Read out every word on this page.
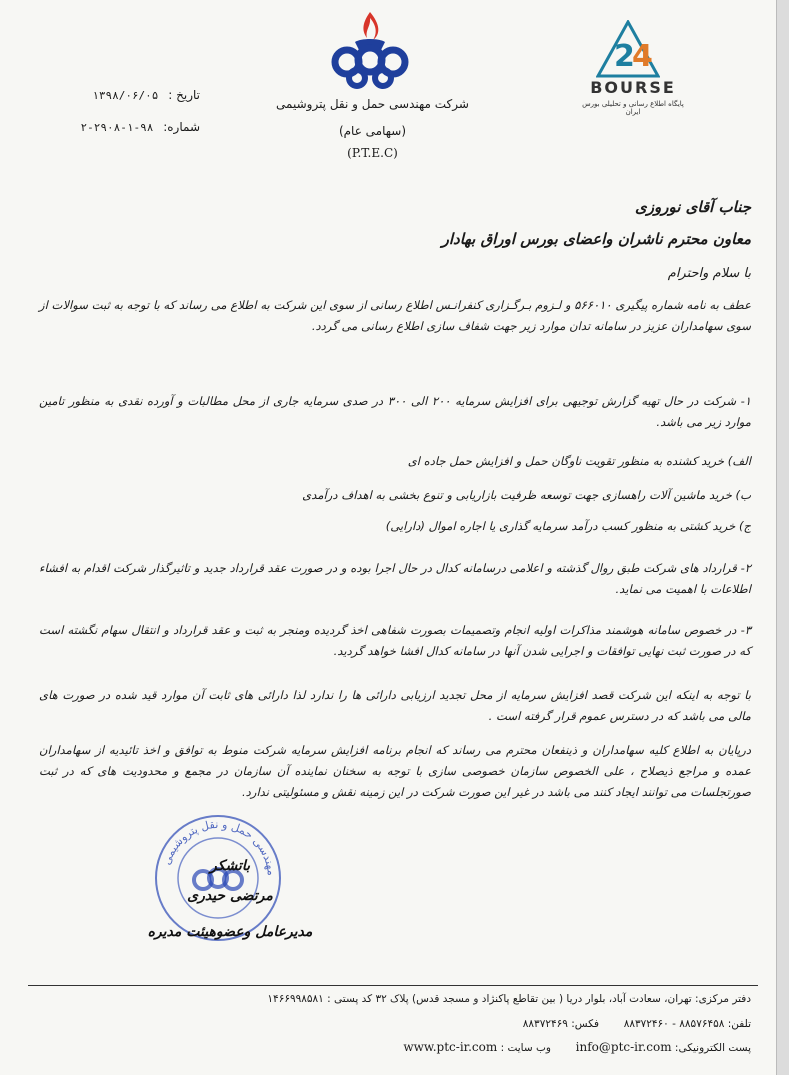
2
4
BOURSE
پایگاه اطلاع رسانی و تحلیلی بورس ایران
شرکت مهندسی حمل و نقل پتروشیمی
(سهامی عام)
(P.T.E.C)
تاریخ : ۱۳۹۸/۰۶/۰۵
شماره: ۹۸-۱-۲۹۰۸-۲
جناب آقای نوروزی
معاون محترم ناشران واعضای بورس اوراق بهادار
با سلام واحترام
عطف به نامه شماره پیگیری ۵۶۶۰۱۰ و لـزوم بـرگـزاری کنفرانـس اطلاع رسانی از سوی این شرکت به اطلاع می رساند که با توجه به ثبت سوالات از سوی سهامداران عزیز در سامانه تدان موارد زیر جهت شفاف سازی اطلاع رسانی می گردد.
۱- شرکت در حال تهیه گزارش توجیهی برای افزایش سرمایه ۲۰۰ الی ۳۰۰ در صدی سرمایه جاری از محل مطالبات و آورده نقدی به منظور تامین موارد زیر می باشد.
الف) خرید کشنده به منظور تقویت ناوگان حمل و افزایش حمل جاده ای
ب) خرید ماشین آلات راهسازی جهت توسعه ظرفیت بازاریابی و تنوع بخشی به اهداف درآمدی
ج) خرید کشتی به منظور کسب درآمد سرمایه گذاری یا اجاره اموال (دارایی)
۲- قرارداد های شرکت طبق روال گذشته و اعلامی درسامانه کدال در حال اجرا بوده و در صورت عقد قرارداد جدید و تاثیرگذار شرکت اقدام به افشاء اطلاعات با اهمیت می نماید.
۳- در خصوص سامانه هوشمند مذاکرات اولیه انجام وتصمیمات بصورت شفاهی اخذ گردیده ومنجر به ثبت و عقد قرارداد و انتقال سهام نگشته است که در صورت ثبت نهایی توافقات و اجرایی شدن آنها در سامانه کدال افشا خواهد گردید.
با توجه به اینکه این شرکت قصد افزایش سرمایه از محل تجدید ارزیابی دارائی ها را ندارد لذا دارائی های ثابت آن موارد قید شده در صورت های مالی می باشد که در دسترس عموم قرار گرفته است .
درپایان به اطلاع کلیه سهامداران و ذینفعان محترم می رساند که انجام برنامه افزایش سرمایه شرکت منوط به توافق و اخذ تائیدیه از سهامداران عمده و مراجع ذیصلاح ، علی الخصوص سازمان خصوصی سازی با توجه به سخنان نماینده آن سازمان در مجمع و محدودیت های که در ثبت صورتجلسات می توانند ایجاد کنند می باشد در غیر این صورت شرکت در این زمینه نقش و مسئولیتی ندارد.
مهندسی حمل و نقل پتروشیمی
باتشکر
مرتضی حیدری
مدیرعامل وعضوهیئت مدیره
دفتر مرکزی: تهران، سعادت آباد، بلوار دریا ( بین تقاطع پاکنژاد و مسجد قدس) پلاک ۳۲ کد پستی : ۱۴۶۶۹۹۸۵۸۱
تلفن: ۸۸۵۷۶۴۵۸ - ۸۸۳۷۲۴۶۰  فکس: ۸۸۳۷۲۴۶۹
پست الکترونیکی: info@ptc-ir.com  وب سایت : www.ptc-ir.com
